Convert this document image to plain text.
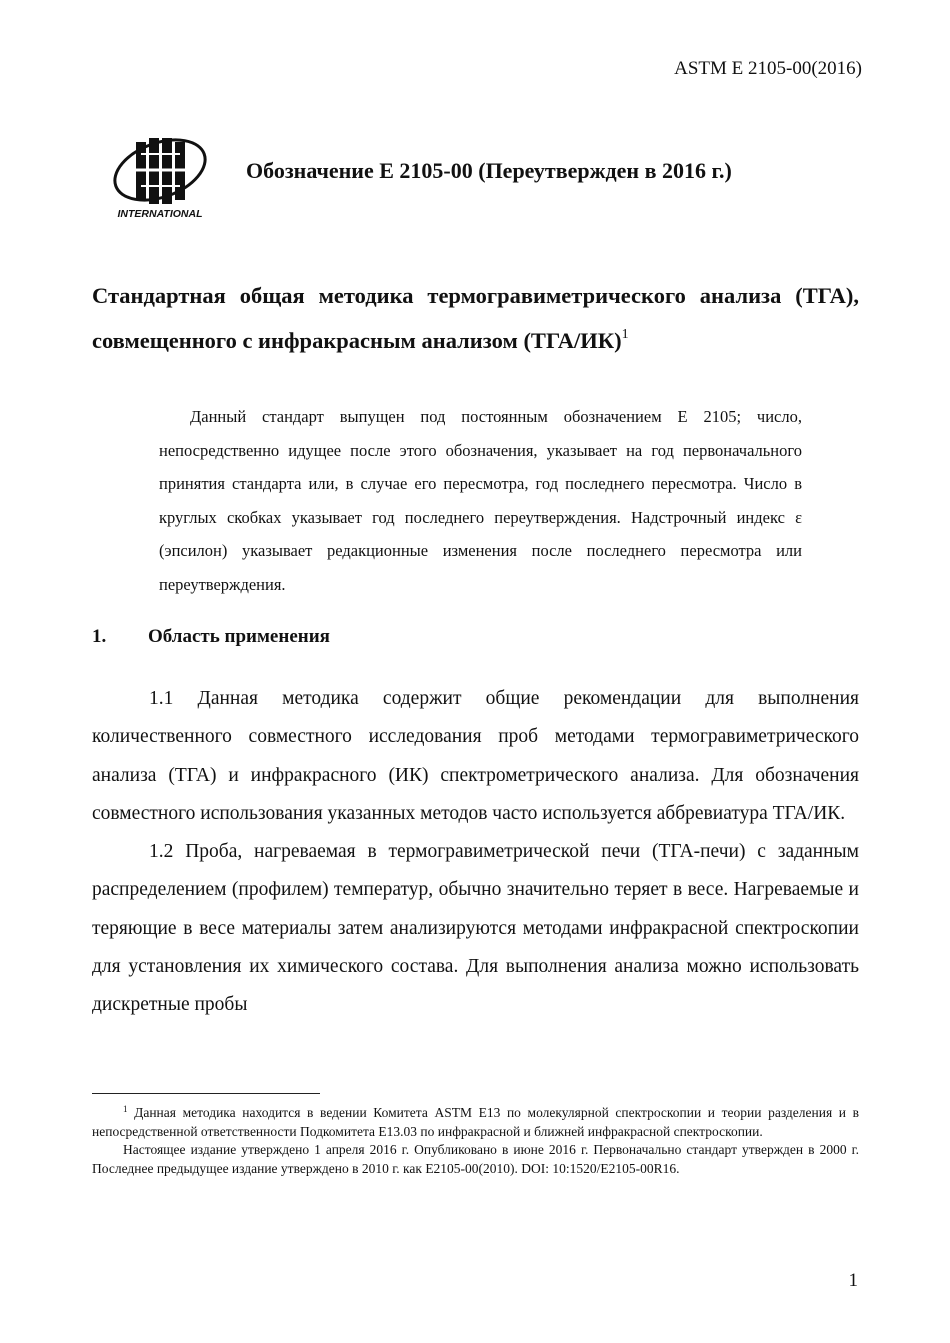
ASTM E 2105-00(2016)
INTERNATIONAL
Обозначение E 2105-00 (Переутвержден в 2016 г.)
Стандартная общая методика термогравиметрического анализа (ТГА), совмещенного с инфракрасным анализом $(ТГА/ИК)^1$
Данный стандарт выпущен под постоянным обозначением E 2105; число, непосредственно идущее после этого обозначения, указывает на год первоначального принятия стандарта или, в случае его пересмотра, год последнего пересмотра. Число в круглых скобках указывает год последнего переутверждения. Надстрочный индекс ε (эпсилон) указывает редакционные изменения после последнего пересмотра или переутверждения.
1. Область применения

1.1 Данная методика содержит общие рекомендации для выполнения количественного совместного исследования проб методами термогравиметрического анализа (ТГА) и инфракрасного (ИК) спектрометрического анализа. Для обозначения совместного использования указанных методов часто используется аббревиатура ТГА/ИК.

1.2 Проба, нагреваемая в термогравиметрической печи (ТГА-печи) с заданным распределением (профилем) температур, обычно значительно теряет в весе. Нагреваемые и теряющие в весе материалы затем анализируются методами инфракрасной спектроскопии для установления их химического состава. Для выполнения анализа можно использовать дискретные пробы

$^1$ Данная методика находится в ведении Комитета ASTM E13 по молекулярной спектроскопии и теории разделения и в непосредственной ответственности Подкомитета E13.03 по инфракрасной и ближней инфракрасной спектроскопии.

Настоящее издание утверждено 1 апреля 2016 г. Опубликовано в июне 2016 г. Первоначально стандарт утвержден в 2000 г. Последнее предыдущее издание утверждено в 2010 г. как E2105-00(2010). DOI: 10:1520/E2105-00R16.

1
